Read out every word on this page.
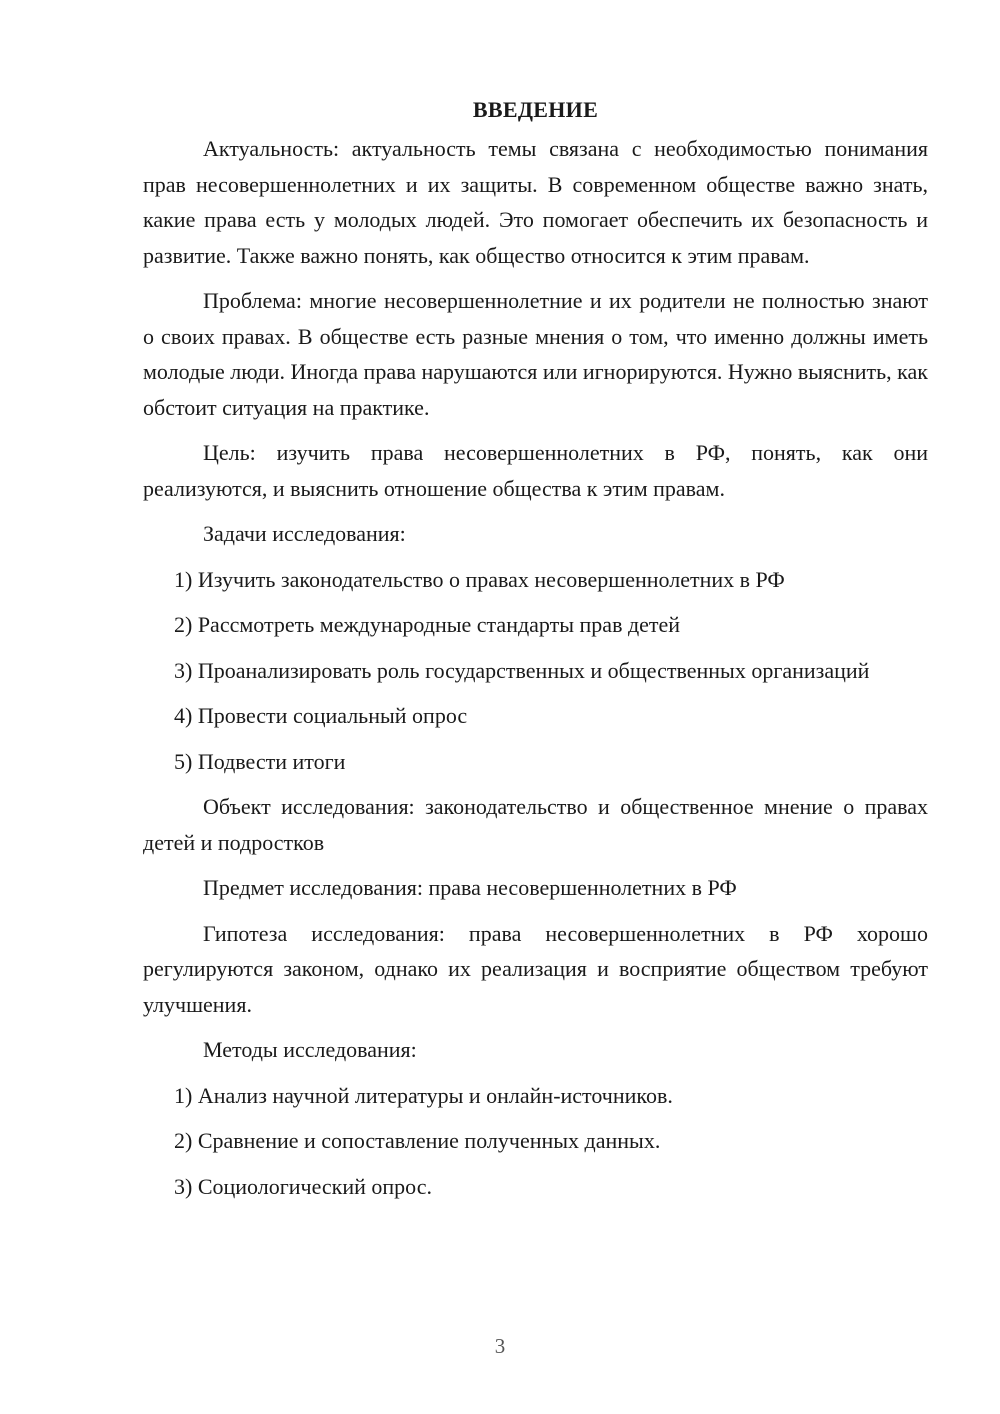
ВВЕДЕНИЕ

Актуальность: актуальность темы связана с необходимостью понимания прав несовершеннолетних и их защиты. В современном обществе важно знать, какие права есть у молодых людей. Это помогает обеспечить их безопасность и развитие. Также важно понять, как общество относится к этим правам.

Проблема: многие несовершеннолетние и их родители не полностью знают о своих правах. В обществе есть разные мнения о том, что именно должны иметь молодые люди. Иногда права нарушаются или игнорируются. Нужно выяснить, как обстоит ситуация на практике.

Цель: изучить права несовершеннолетних в РФ, понять, как они реализуются, и выяснить отношение общества к этим правам.

Задачи исследования:

1) Изучить законодательство о правах несовершеннолетних в РФ

2) Рассмотреть международные стандарты прав детей

3) Проанализировать роль государственных и общественных организаций

4) Провести социальный опрос

5) Подвести итоги

Объект исследования: законодательство и общественное мнение о правах детей и подростков

Предмет исследования: права несовершеннолетних в РФ

Гипотеза исследования: права несовершеннолетних в РФ хорошо регулируются законом, однако их реализация и восприятие обществом требуют улучшения.

Методы исследования:

1) Анализ научной литературы и онлайн-источников.

2) Сравнение и сопоставление полученных данных.

3) Социологический опрос.

3
